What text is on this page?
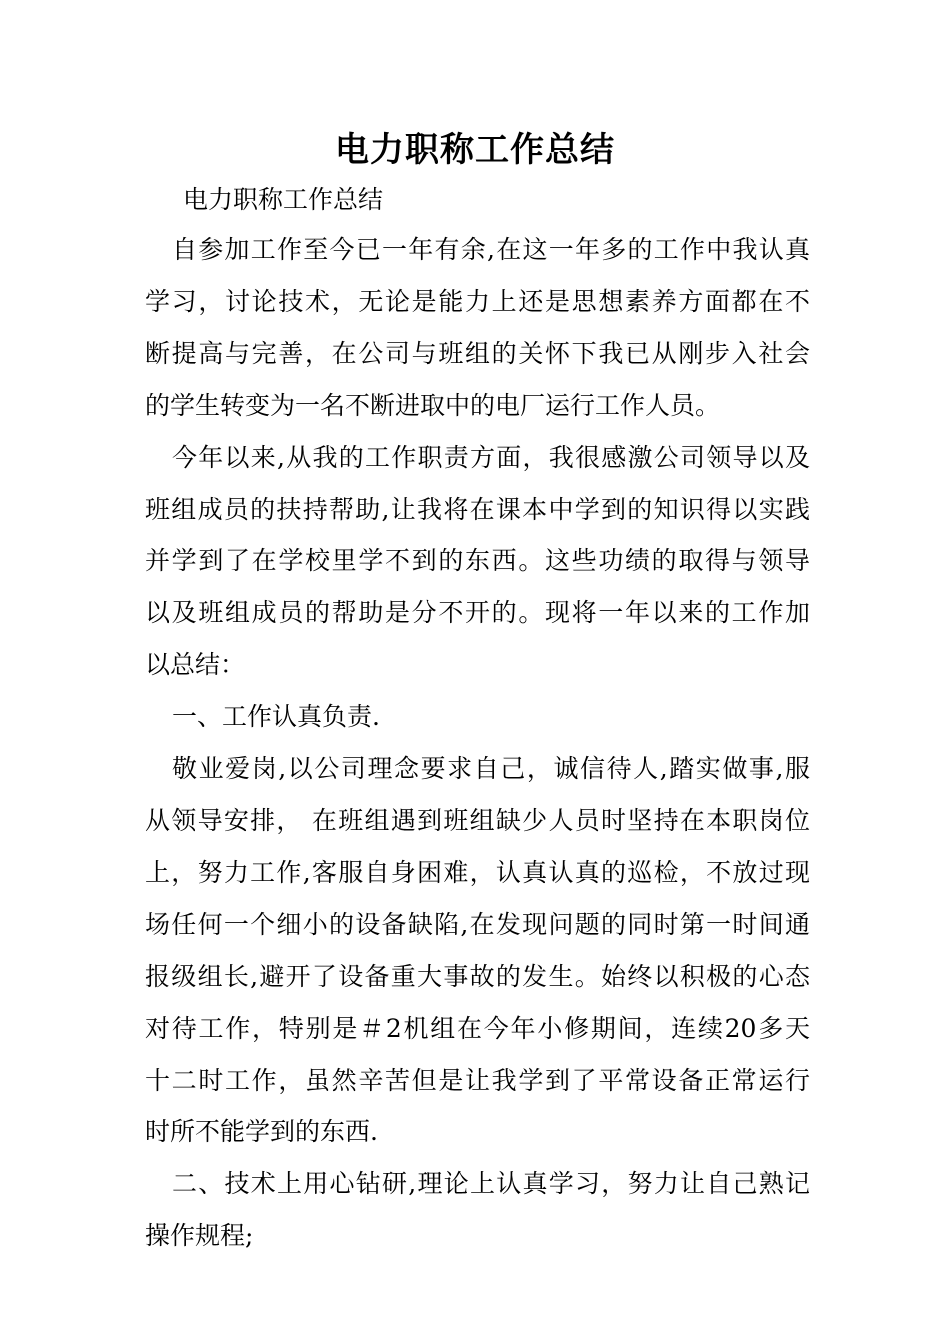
电力职称工作总结
电力职称工作总结

自参加工作至今已一年有余,在这一年多的工作中我认真
学习，讨论技术，无论是能力上还是思想素养方面都在不
断提高与完善，在公司与班组的关怀下我已从刚步入社会
的学生转变为一名不断进取中的电厂运行工作人员。

今年以来,从我的工作职责方面，我很感激公司领导以及
班组成员的扶持帮助,让我将在课本中学到的知识得以实践
并学到了在学校里学不到的东西。这些功绩的取得与领导
以及班组成员的帮助是分不开的。现将一年以来的工作加
以总结：

一、工作认真负责.

敬业爱岗,以公司理念要求自己，诚信待人,踏实做事,服
从领导安排， 在班组遇到班组缺少人员时坚持在本职岗位
上，努力工作,客服自身困难，认真认真的巡检，不放过现
场任何一个细小的设备缺陷,在发现问题的同时第一时间通
报级组长,避开了设备重大事故的发生。始终以积极的心态
对待工作，特别是＃2机组在今年小修期间，连续20多天
十二时工作，虽然辛苦但是让我学到了平常设备正常运行
时所不能学到的东西.

二、技术上用心钻研,理论上认真学习，努力让自己熟记
操作规程;
